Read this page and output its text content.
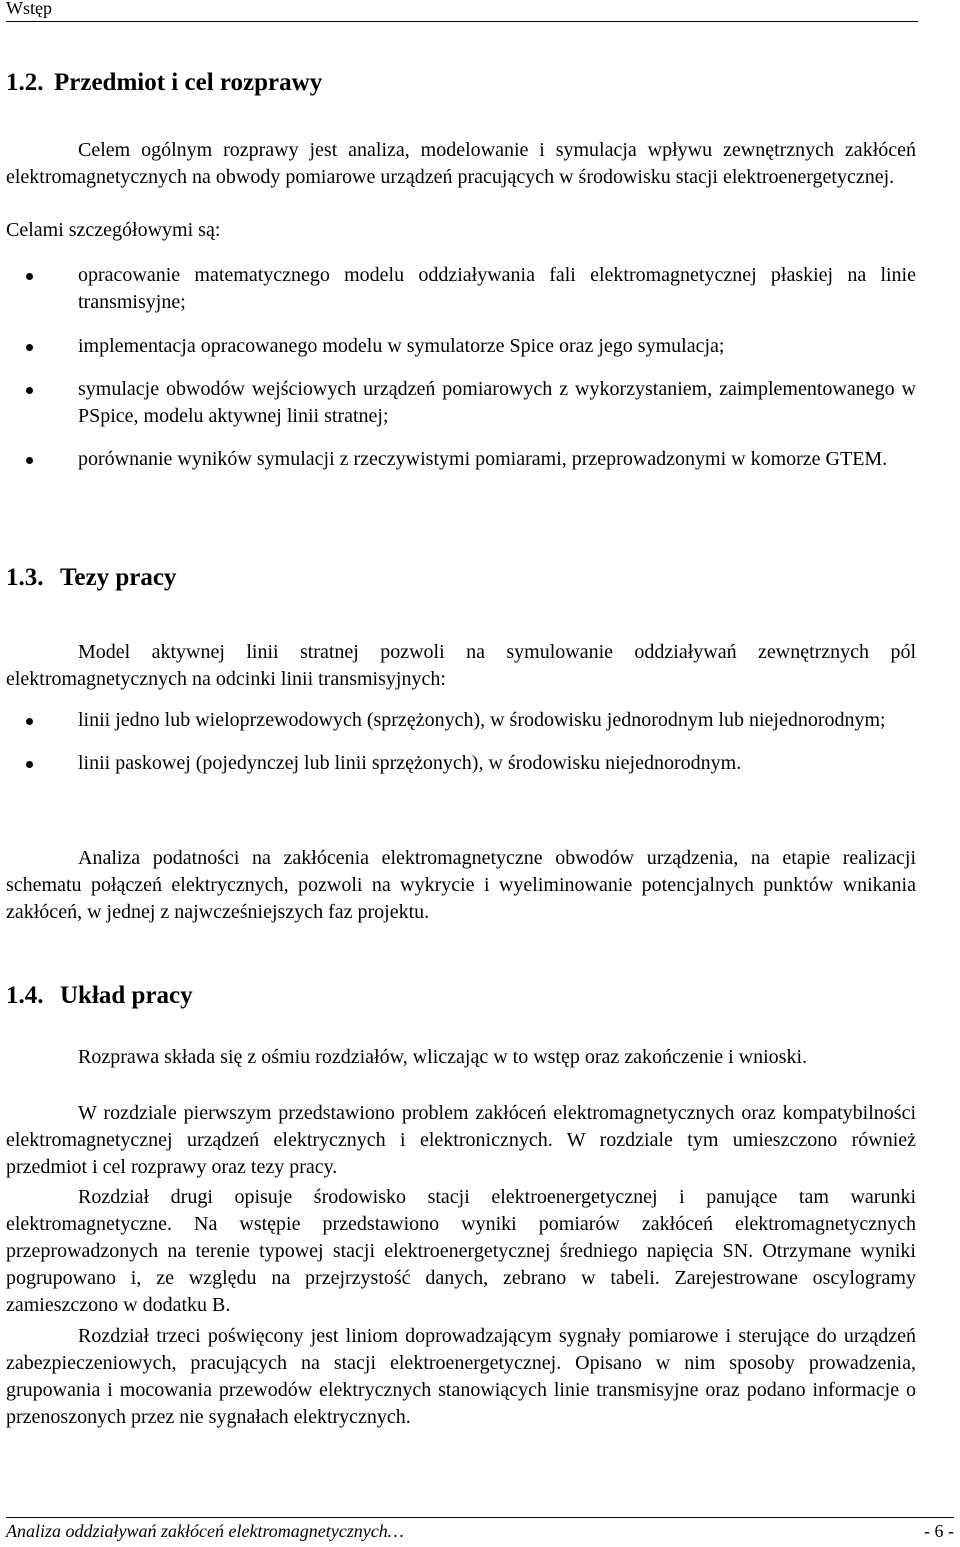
Wstęp
1.2. Przedmiot i cel rozprawy

Celem ogólnym rozprawy jest analiza, modelowanie i symulacja wpływu zewnętrznych zakłóceń elektromagnetycznych na obwody pomiarowe urządzeń pracujących w środowisku stacji elektroenergetycznej.

Celami szczegółowymi są:

opracowanie matematycznego modelu oddziaływania fali elektromagnetycznej płaskiej na linie transmisyjne;
implementacja opracowanego modelu w symulatorze Spice oraz jego symulacja;
symulacje obwodów wejściowych urządzeń pomiarowych z wykorzystaniem, zaimplementowanego w PSpice, modelu aktywnej linii stratnej;
porównanie wyników symulacji z rzeczywistymi pomiarami, przeprowadzonymi w komorze GTEM.
1.3. Tezy pracy

Model aktywnej linii stratnej pozwoli na symulowanie oddziaływań zewnętrznych pól elektromagnetycznych na odcinki linii transmisyjnych:

linii jedno lub wieloprzewodowych (sprzężonych), w środowisku jednorodnym lub niejednorodnym;
linii paskowej (pojedynczej lub linii sprzężonych), w środowisku niejednorodnym.

Analiza podatności na zakłócenia elektromagnetyczne obwodów urządzenia, na etapie realizacji schematu połączeń elektrycznych, pozwoli na wykrycie i wyeliminowanie potencjalnych punktów wnikania zakłóceń, w jednej z najwcześniejszych faz projektu.

1.4. Układ pracy

Rozprawa składa się z ośmiu rozdziałów, wliczając w to wstęp oraz zakończenie i wnioski.

W rozdziale pierwszym przedstawiono problem zakłóceń elektromagnetycznych oraz kompatybilności elektromagnetycznej urządzeń elektrycznych i elektronicznych. W rozdziale tym umieszczono również przedmiot i cel rozprawy oraz tezy pracy.

Rozdział drugi opisuje środowisko stacji elektroenergetycznej i panujące tam warunki elektromagnetyczne. Na wstępie przedstawiono wyniki pomiarów zakłóceń elektromagnetycznych przeprowadzonych na terenie typowej stacji elektroenergetycznej średniego napięcia SN. Otrzymane wyniki pogrupowano i, ze względu na przejrzystość danych, zebrano w tabeli. Zarejestrowane oscylogramy zamieszczono w dodatku B.

Rozdział trzeci poświęcony jest liniom doprowadzającym sygnały pomiarowe i sterujące do urządzeń zabezpieczeniowych, pracujących na stacji elektroenergetycznej. Opisano w nim sposoby prowadzenia, grupowania i mocowania przewodów elektrycznych stanowiących linie transmisyjne oraz podano informacje o przenoszonych przez nie sygnałach elektrycznych.

Analiza oddziaływań zakłóceń elektromagnetycznych…	- 6 -
